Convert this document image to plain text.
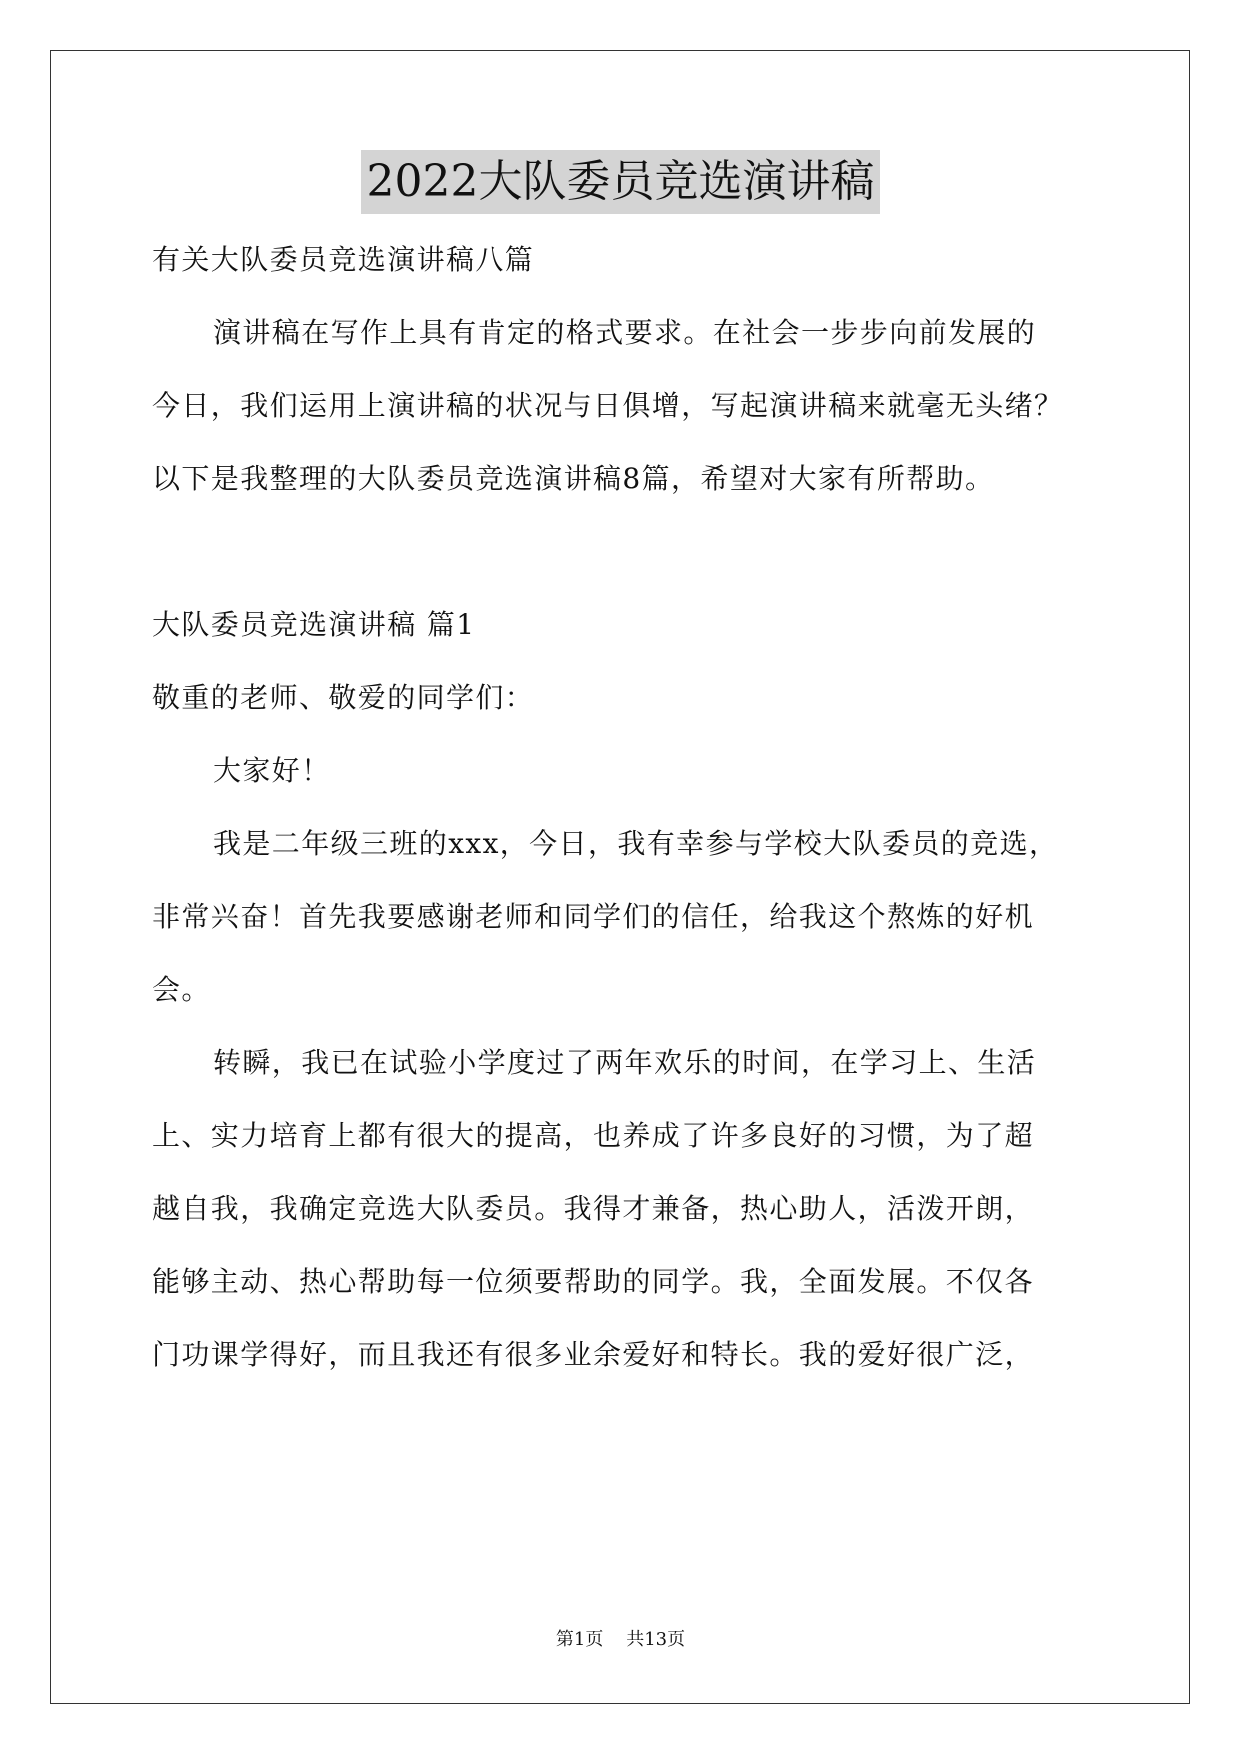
2022大队委员竞选演讲稿
有关大队委员竞选演讲稿八篇
演讲稿在写作上具有肯定的格式要求。在社会一步步向前发展的
今日，我们运用上演讲稿的状况与日俱增，写起演讲稿来就毫无头绪？
以下是我整理的大队委员竞选演讲稿8篇，希望对大家有所帮助。
大队委员竞选演讲稿 篇1
敬重的老师、敬爱的同学们：
大家好！
我是二年级三班的xxx，今日，我有幸参与学校大队委员的竞选，
非常兴奋！首先我要感谢老师和同学们的信任，给我这个熬炼的好机
会。
转瞬，我已在试验小学度过了两年欢乐的时间，在学习上、生活
上、实力培育上都有很大的提高，也养成了许多良好的习惯，为了超
越自我，我确定竞选大队委员。我得才兼备，热心助人，活泼开朗，
能够主动、热心帮助每一位须要帮助的同学。我，全面发展。不仅各
门功课学得好，而且我还有很多业余爱好和特长。我的爱好很广泛，
第1页    共13页
